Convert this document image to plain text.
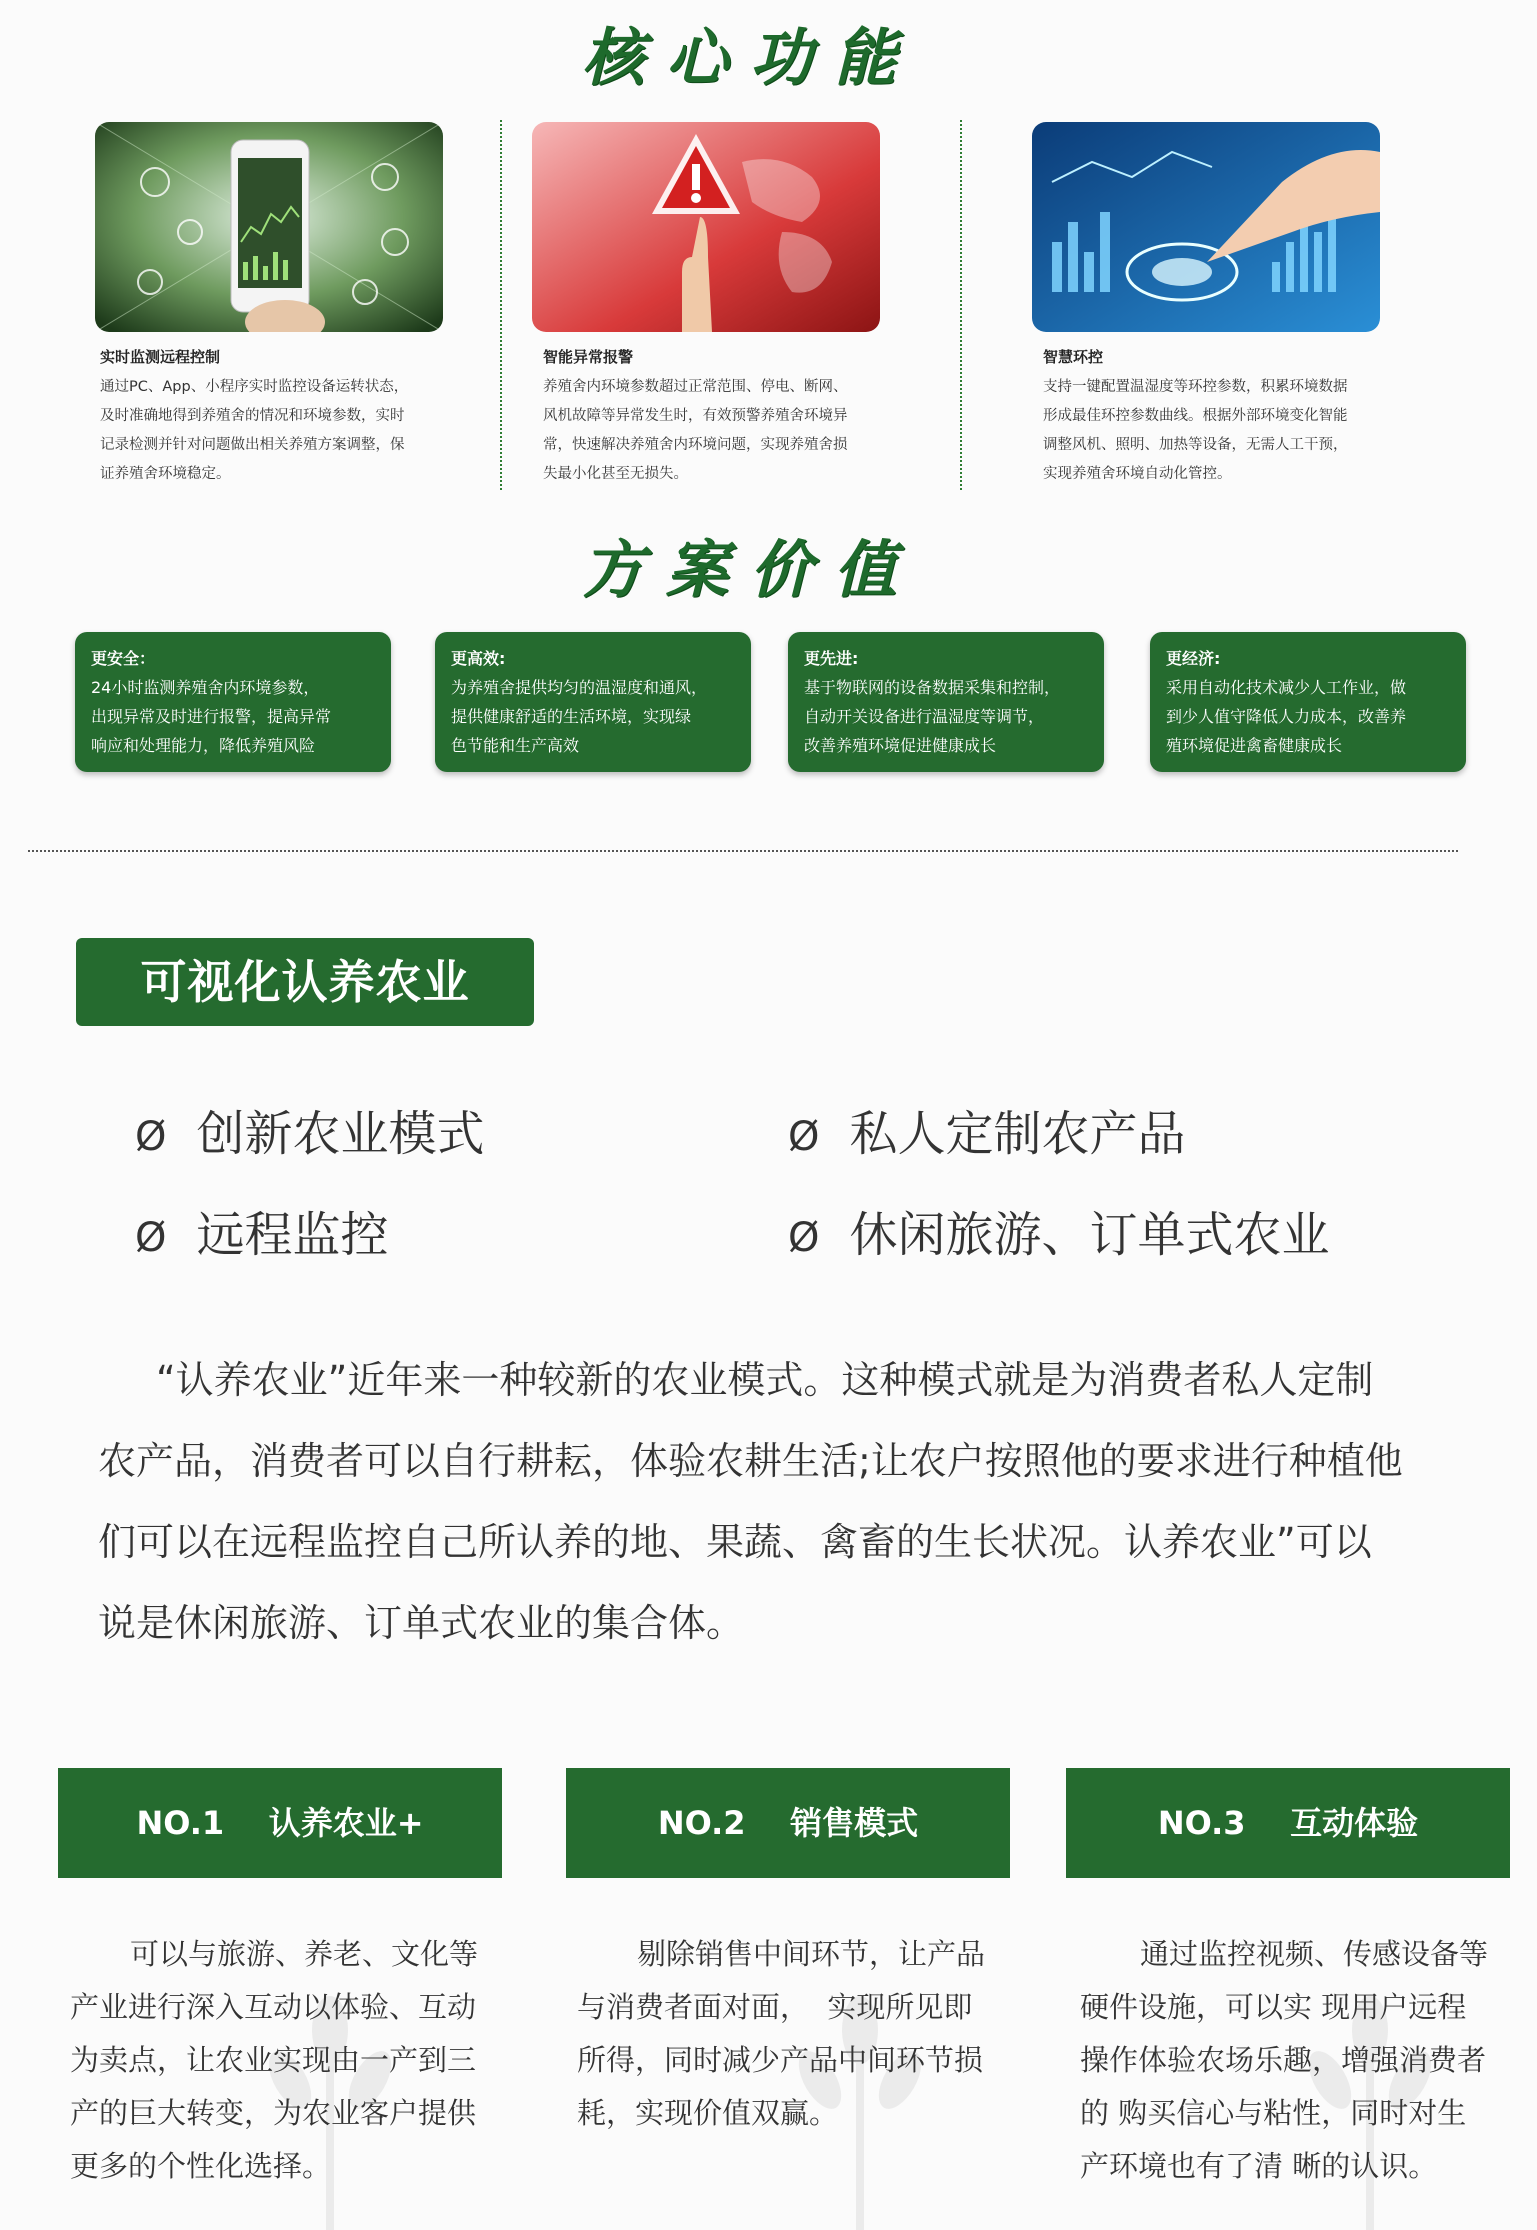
核心功能
实时监测远程控制
通过PC、App、小程序实时监控设备运转状态，
及时准确地得到养殖舍的情况和环境参数，实时
记录检测并针对问题做出相关养殖方案调整，保
证养殖舍环境稳定。
智能异常报警
养殖舍内环境参数超过正常范围、停电、断网、
风机故障等异常发生时，有效预警养殖舍环境异
常，快速解决养殖舍内环境问题，实现养殖舍损
失最小化甚至无损失。
智慧环控
支持一键配置温湿度等环控参数，积累环境数据
形成最佳环控参数曲线。根据外部环境变化智能
调整风机、照明、加热等设备，无需人工干预，
实现养殖舍环境自动化管控。
方案价值
更安全：
24小时监测养殖舍内环境参数，
出现异常及时进行报警，提高异常
响应和处理能力，降低养殖风险
更高效:
为养殖舍提供均匀的温湿度和通风，
提供健康舒适的生活环境，实现绿
色节能和生产高效
更先进:
基于物联网的设备数据采集和控制，
自动开关设备进行温湿度等调节，
改善养殖环境促进健康成长
更经济:
采用自动化技术减少人工作业，做
到少人值守降低人力成本，改善养
殖环境促进禽畜健康成长
可视化认养农业
Ø 创新农业模式	Ø 私人定制农产品
Ø 远程监控	Ø 休闲旅游、订单式农业
“认养农业”近年来一种较新的农业模式。这种模式就是为消费者私人定制
农产品，消费者可以自行耕耘，体验农耕生活;让农户按照他的要求进行种植他
们可以在远程监控自己所认养的地、果蔬、禽畜的生长状况。认养农业”可以
说是休闲旅游、订单式农业的集合体。
NO.1    认养农业+	NO.2    销售模式	NO.3    互动体验
可以与旅游、养老、文化等
产业进行深入互动以体验、互动
为卖点，让农业实现由一产到三
产的巨大转变，为农业客户提供
更多的个性化选择。
剔除销售中间环节，让产品
与消费者面对面，  实现所见即
所得，同时减少产品中间环节损
耗，实现价值双赢。
通过监控视频、传感设备等
硬件设施，可以实 现用户远程
操作体验农场乐趣，增强消费者
的 购买信心与粘性，同时对生
产环境也有了清 晰的认识。
